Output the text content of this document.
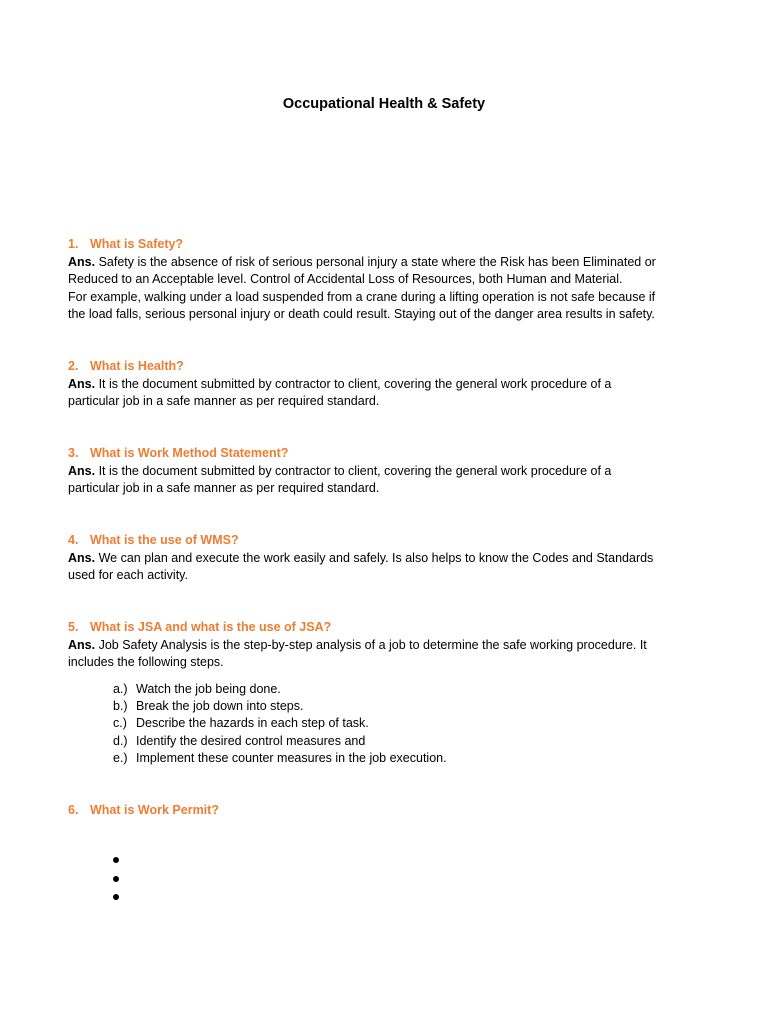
Occupational Health & Safety
1. What is Safety?
Ans. Safety is the absence of risk of serious personal injury a state where the Risk has been Eliminated or
Reduced to an Acceptable level. Control of Accidental Loss of Resources, both Human and Material.
For example, walking under a load suspended from a crane during a lifting operation is not safe because if
the load falls, serious personal injury or death could result. Staying out of the danger area results in safety.
2. What is Health?
Ans. It is the document submitted by contractor to client, covering the general work procedure of a
particular job in a safe manner as per required standard.
3. What is Work Method Statement?
Ans. It is the document submitted by contractor to client, covering the general work procedure of a
particular job in a safe manner as per required standard.
4. What is the use of WMS?
Ans. We can plan and execute the work easily and safely. Is also helps to know the Codes and Standards
used for each activity.
5. What is JSA and what is the use of JSA?
Ans. Job Safety Analysis is the step-by-step analysis of a job to determine the safe working procedure. It
includes the following steps.
a.) Watch the job being done.
b.) Break the job down into steps.
c.) Describe the hazards in each step of task.
d.) Identify the desired control measures and
e.) Implement these counter measures in the job execution.
6. What is Work Permit?
